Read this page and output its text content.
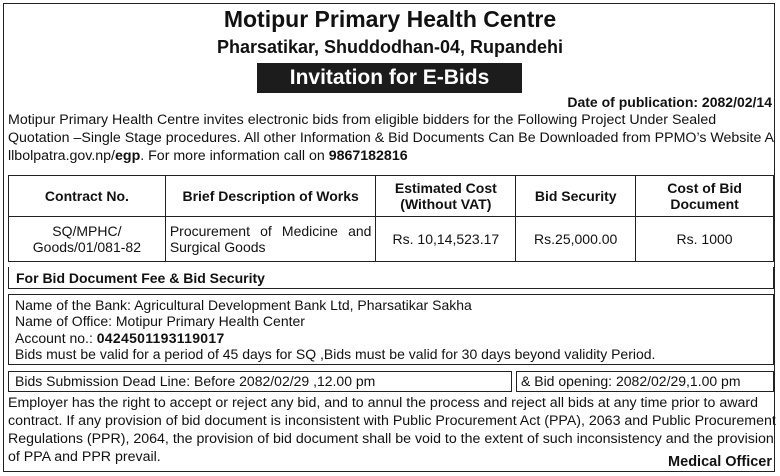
Motipur Primary Health Centre
Pharsatikar, Shuddodhan-04, Rupandehi
Invitation for E-Bids
Date of publication: 2082/02/14
Motipur Primary Health Centre invites electronic bids from eligible bidders for the Following Project Under Sealed Quotation –Single Stage procedures. All other Information & Bid Documents Can Be Downloaded from PPMO’s Website A llbolpatra.gov.np/egp. For more information call on 9867182816
Contract No.	Brief Description of Works	Estimated Cost (Without VAT)	Bid Security	Cost of Bid Document
SQ/MPHC/ Goods/01/081-82	Procurement of Medicine and Surgical Goods	Rs. 10,14,523.17	Rs.25,000.00	Rs. 1000
For Bid Document Fee & Bid Security
Name of the Bank: Agricultural Development Bank Ltd, Pharsatikar Sakha
Name of Office: Motipur Primary Health Center
Account no.: 0424501193119017
Bids must be valid for a period of 45 days for SQ ,Bids must be valid for 30 days beyond validity Period.
Bids Submission Dead Line: Before 2082/02/29 ,12.00 pm	& Bid opening: 2082/02/29,1.00 pm
Employer has the right to accept or reject any bid, and to annul the process and reject all bids at any time prior to award contract. If any provision of bid document is inconsistent with Public Procurement Act (PPA), 2063 and Public Procurement Regulations (PPR), 2064, the provision of bid document shall be void to the extent of such inconsistency and the provision of PPA and PPR prevail.	Medical Officer
